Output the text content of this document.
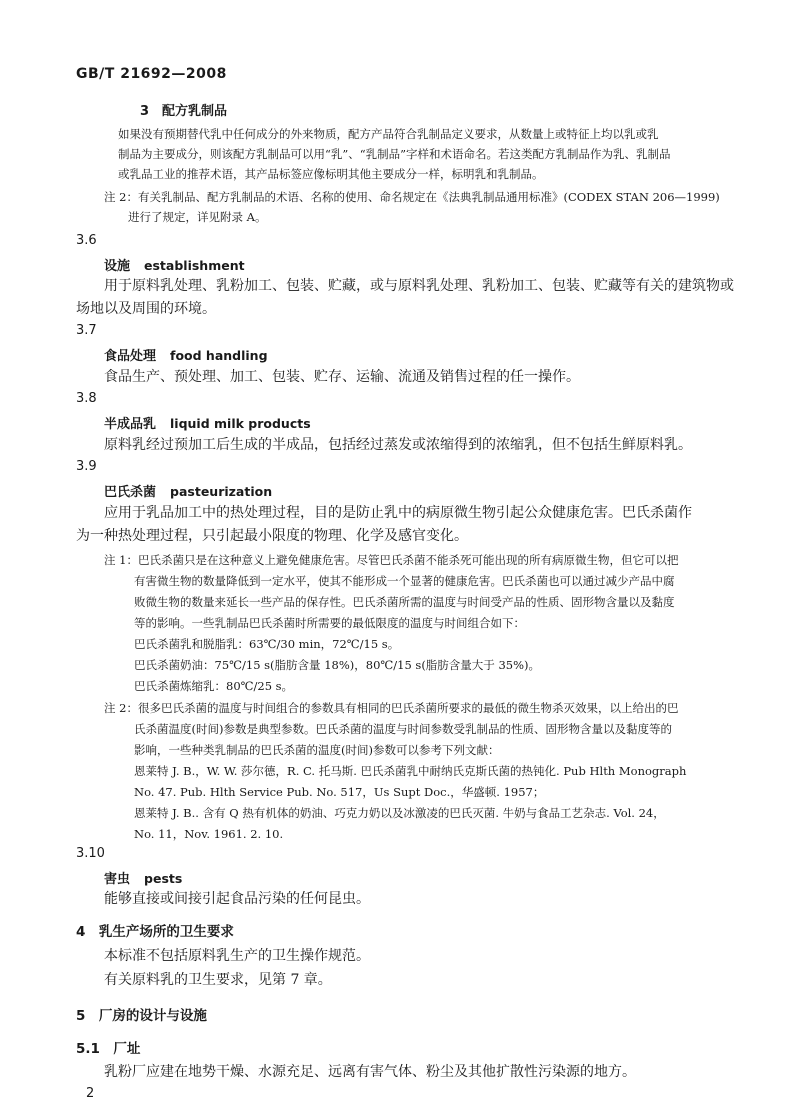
GB/T 21692—2008
3　配方乳制品
如果没有预期替代乳中任何成分的外来物质，配方产品符合乳制品定义要求，从数量上或特征上均以乳或乳
制品为主要成分，则该配方乳制品可以用“乳”、“乳制品”字样和术语命名。若这类配方乳制品作为乳、乳制品
或乳品工业的推荐术语，其产品标签应像标明其他主要成分一样，标明乳和乳制品。
注 2：有关乳制品、配方乳制品的术语、名称的使用、命名规定在《法典乳制品通用标准》(CODEX STAN 206—1999)
进行了规定，详见附录 A。
3.6
设施 establishment
用于原料乳处理、乳粉加工、包装、贮藏，或与原料乳处理、乳粉加工、包装、贮藏等有关的建筑物或
场地以及周围的环境。
3.7
食品处理 food handling
食品生产、预处理、加工、包装、贮存、运输、流通及销售过程的任一操作。
3.8
半成品乳 liquid milk products
原料乳经过预加工后生成的半成品，包括经过蒸发或浓缩得到的浓缩乳，但不包括生鲜原料乳。
3.9
巴氏杀菌 pasteurization
应用于乳品加工中的热处理过程，目的是防止乳中的病原微生物引起公众健康危害。巴氏杀菌作
为一种热处理过程，只引起最小限度的物理、化学及感官变化。
注 1：巴氏杀菌只是在这种意义上避免健康危害。尽管巴氏杀菌不能杀死可能出现的所有病原微生物，但它可以把
有害微生物的数量降低到一定水平，使其不能形成一个显著的健康危害。巴氏杀菌也可以通过减少产品中腐
败微生物的数量来延长一些产品的保存性。巴氏杀菌所需的温度与时间受产品的性质、固形物含量以及黏度
等的影响。一些乳制品巴氏杀菌时所需要的最低限度的温度与时间组合如下：
巴氏杀菌乳和脱脂乳：63℃/30 min，72℃/15 s。
巴氏杀菌奶油：75℃/15 s(脂肪含量 18%)，80℃/15 s(脂肪含量大于 35%)。
巴氏杀菌炼缩乳：80℃/25 s。
注 2：很多巴氏杀菌的温度与时间组合的参数具有相同的巴氏杀菌所要求的最低的微生物杀灭效果，以上给出的巴
氏杀菌温度(时间)参数是典型参数。巴氏杀菌的温度与时间参数受乳制品的性质、固形物含量以及黏度等的
影响，一些种类乳制品的巴氏杀菌的温度(时间)参数可以参考下列文献：
恩莱特 J. B.，W. W. 莎尔德，R. C. 托马斯. 巴氏杀菌乳中耐纳氏克斯氏菌的热钝化. Pub Hlth Monograph
No. 47. Pub. Hlth Service Pub. No. 517，Us Supt Doc.，华盛顿. 1957；
恩莱特 J. B.. 含有 Q 热有机体的奶油、巧克力奶以及冰激凌的巴氏灭菌. 牛奶与食品工艺杂志. Vol. 24，
No. 11，Nov. 1961. 2. 10.
3.10
害虫 pests
能够直接或间接引起食品污染的任何昆虫。
4　乳生产场所的卫生要求
本标准不包括原料乳生产的卫生操作规范。
有关原料乳的卫生要求，见第 7 章。
5　厂房的设计与设施
5.1　厂址
乳粉厂应建在地势干燥、水源充足、远离有害气体、粉尘及其他扩散性污染源的地方。
2
